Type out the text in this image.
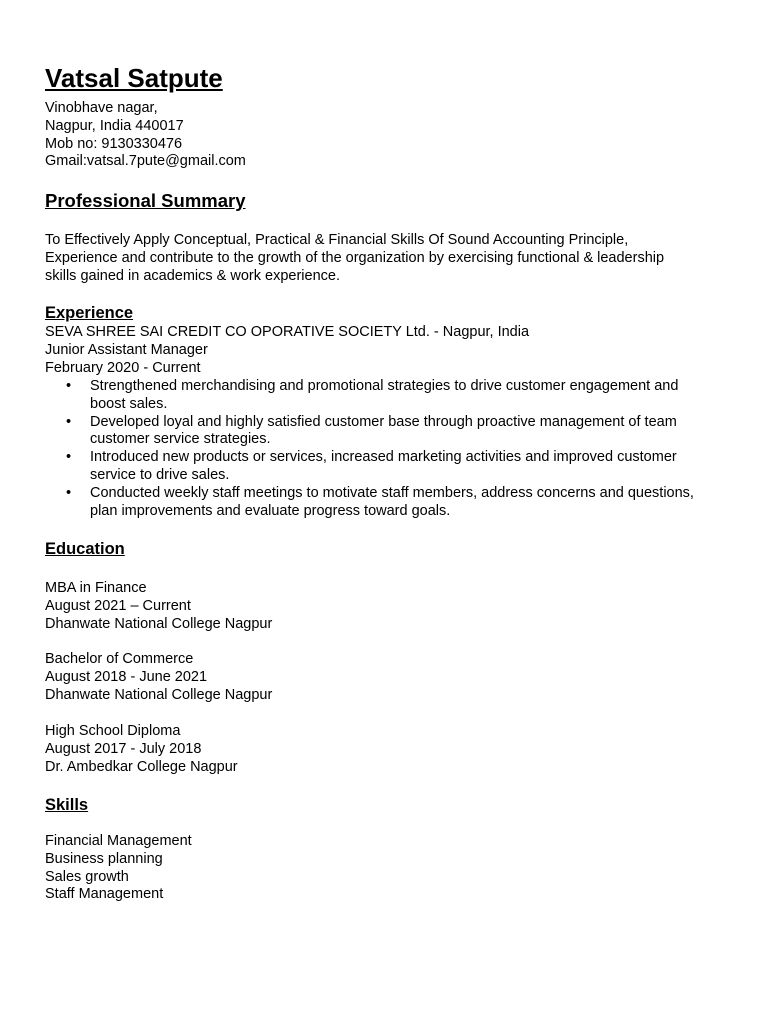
Vatsal Satpute
Vinobhave nagar,
Nagpur, India 440017
Mob no: 9130330476
Gmail:vatsal.7pute@gmail.com
Professional Summary
To Effectively Apply Conceptual, Practical & Financial Skills Of Sound Accounting Principle,
Experience and contribute to the growth of the organization by exercising functional & leadership
skills gained in academics & work experience.
Experience
SEVA SHREE SAI CREDIT CO OPORATIVE SOCIETY Ltd. - Nagpur, India
Junior Assistant Manager
February 2020 - Current
• Strengthened merchandising and promotional strategies to drive customer engagement and
boost sales.
• Developed loyal and highly satisfied customer base through proactive management of team
customer service strategies.
• Introduced new products or services, increased marketing activities and improved customer
service to drive sales.
• Conducted weekly staff meetings to motivate staff members, address concerns and questions,
plan improvements and evaluate progress toward goals.
Education
MBA in Finance
August 2021 – Current
Dhanwate National College Nagpur
Bachelor of Commerce
August 2018 - June 2021
Dhanwate National College Nagpur
High School Diploma
August 2017 - July 2018
Dr. Ambedkar College Nagpur
Skills
Financial Management
Business planning
Sales growth
Staff Management
